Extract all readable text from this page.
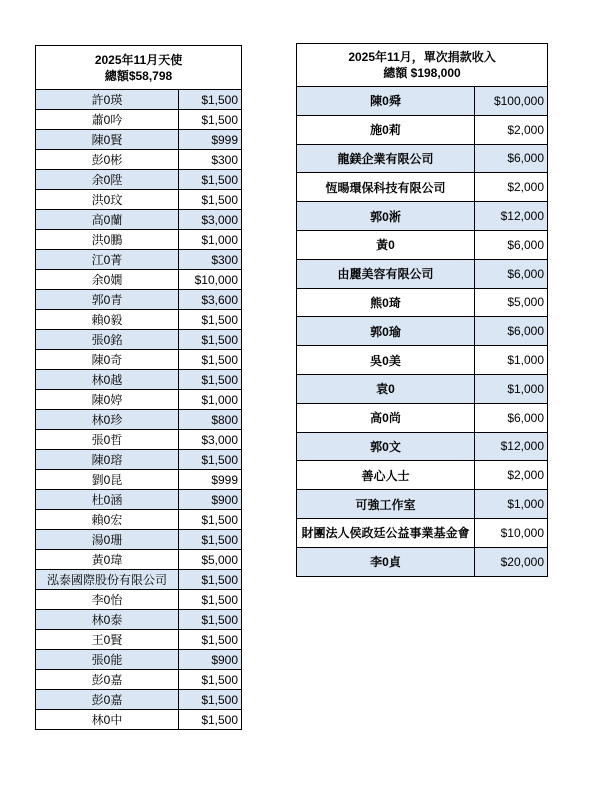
2025年11月天使
總額$58,798	

許0瑛	$1,500
蕭0吟	$1,500
陳0賢	$999
彭0彬	$300
余0陞	$1,500
洪0玟	$1,500
高0蘭	$3,000
洪0鵬	$1,000
江0菁	$300
余0嫺	$10,000
郭0青	$3,600
賴0毅	$1,500
張0銘	$1,500
陳0奇	$1,500
林0越	$1,500
陳0婷	$1,000
林0珍	$800
張0哲	$3,000
陳0瑢	$1,500
劉0昆	$999
杜0涵	$900
賴0宏	$1,500
湯0珊	$1,500
黃0瑋	$5,000
泓泰國際股份有限公司	$1,500
李0怡	$1,500
林0泰	$1,500
王0賢	$1,500
張0能	$900
彭0嘉	$1,500
彭0嘉	$1,500
林0中	$1,500
2025年11月，單次捐款收入
總額 $198,000	

陳0舜	$100,000
施0莉	$2,000
龍鎂企業有限公司	$6,000
恆暘環保科技有限公司	$2,000
郭0淅	$12,000
黃0	$6,000
由麗美容有限公司	$6,000
熊0琦	$5,000
郭0瑜	$6,000
吳0美	$1,000
袁0	$1,000
高0尚	$6,000
郭0文	$12,000
善心人士	$2,000
可強工作室	$1,000
財團法人侯政廷公益事業基金會	$10,000
李0貞	$20,000
